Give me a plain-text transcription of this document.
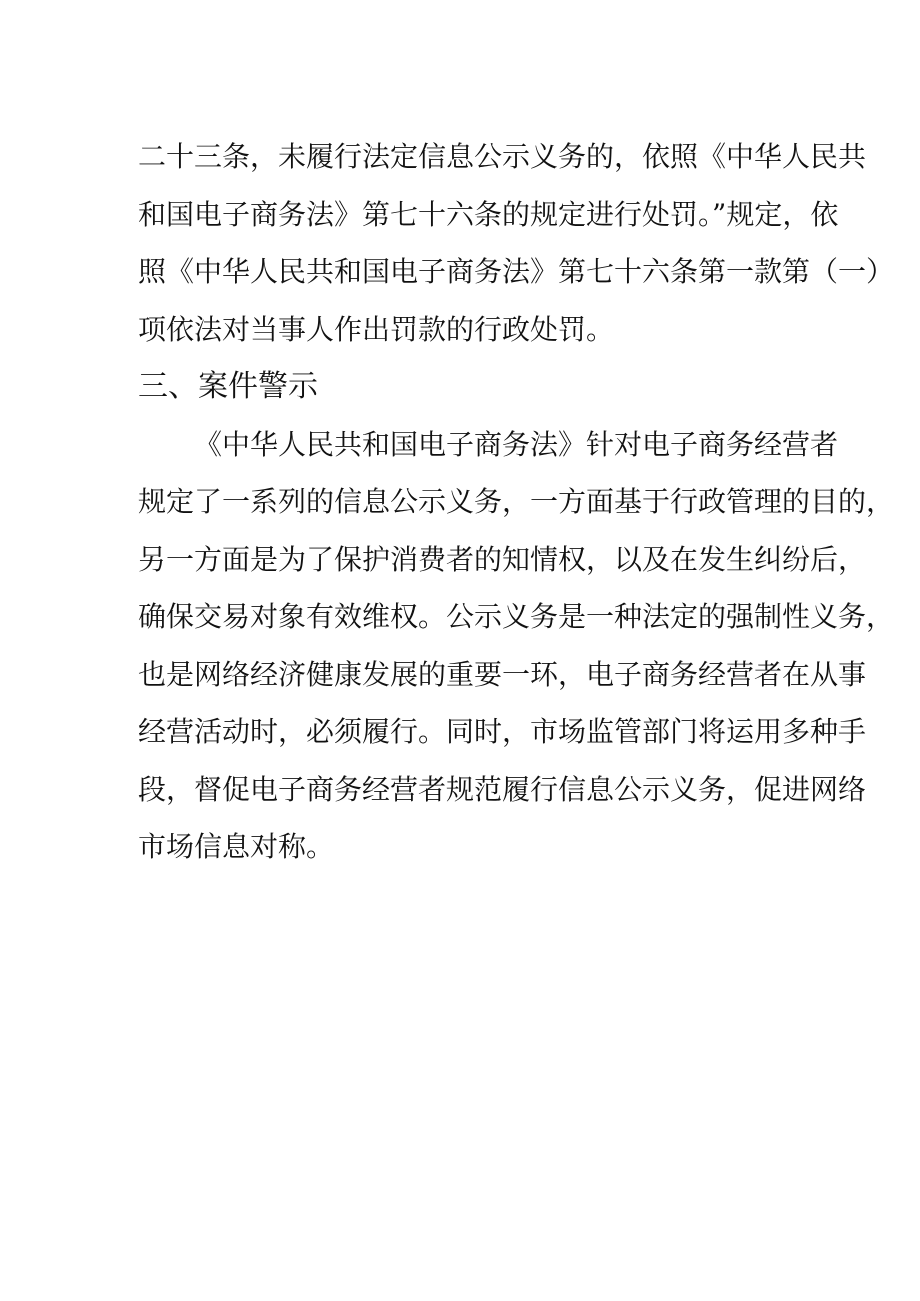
二十三条，未履行法定信息公示义务的，依照《中华人民共
和国电子商务法》第七十六条的规定进行处罚。”规定，依
照《中华人民共和国电子商务法》第七十六条第一款第（一）
项依法对当事人作出罚款的行政处罚。
三、案件警示
《中华人民共和国电子商务法》针对电子商务经营者
规定了一系列的信息公示义务，一方面基于行政管理的目的，
另一方面是为了保护消费者的知情权，以及在发生纠纷后，
确保交易对象有效维权。公示义务是一种法定的强制性义务，
也是网络经济健康发展的重要一环，电子商务经营者在从事
经营活动时，必须履行。同时，市场监管部门将运用多种手
段，督促电子商务经营者规范履行信息公示义务，促进网络
市场信息对称。
